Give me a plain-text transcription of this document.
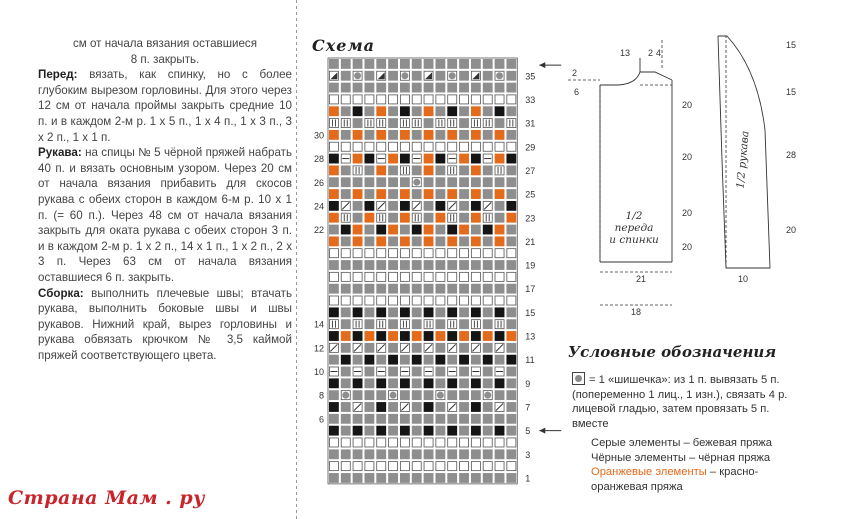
см от начала вязания оставшиеся

8 п. закрыть.

Перед: вязать, как спинку, но с более глубоким вырезом горловины. Для этого через 12 см от начала проймы закрыть средние 10 п. и в каждом 2-м р. 1 х 5 п., 1 х 4 п., 1 х 3 п., 3 х 2 п., 1 х 1 п.

Рукава: на спицы № 5 чёрной пряжей набрать 40 п. и вязать основным узором. Через 20 см от начала вязания прибавить для скосов рукава с обеих сторон в каждом 6-м р. 10 х 1 п. (= 60 п.). Через 48 см от начала вязания закрыть для оката рукава с обеих сторон 3 п. и в каждом 2-м р. 1 х 2 п., 14 х 1 п., 1 х 2 п., 2 х 3 п. Через 63 см от начала вязания оставшиеся 6 п. закрыть.

Сборка: выполнить плечевые швы; втачать рукава, выполнить боковые швы и швы рукавов. Нижний край, вырез горловины и рукава обвязать крючком № 3,5 каймой пряжей соответствующего цвета.

Схема
35
33
31
29
27
25
23
21
19
17
15
13
11
9
7
5
3
1
30
28
26
24
22
14
12
10
8
6
13 2 4
2
6
20
20
20
20
21
18
1/2
переда
и спинки
15
15
28
20
10
1/2 рукава
Условные обозначения
= 1 «шишечка»: из 1 п. вывязать 5 п. (попеременно 1 лиц., 1 изн.), связать 4 р. лицевой гладью, затем провязать 5 п. вместе
Серые элементы – бежевая пряжа
Чёрные элементы – чёрная пряжа
Оранжевые элементы – красно-оранжевая пряжа
Страна Мам . ру
